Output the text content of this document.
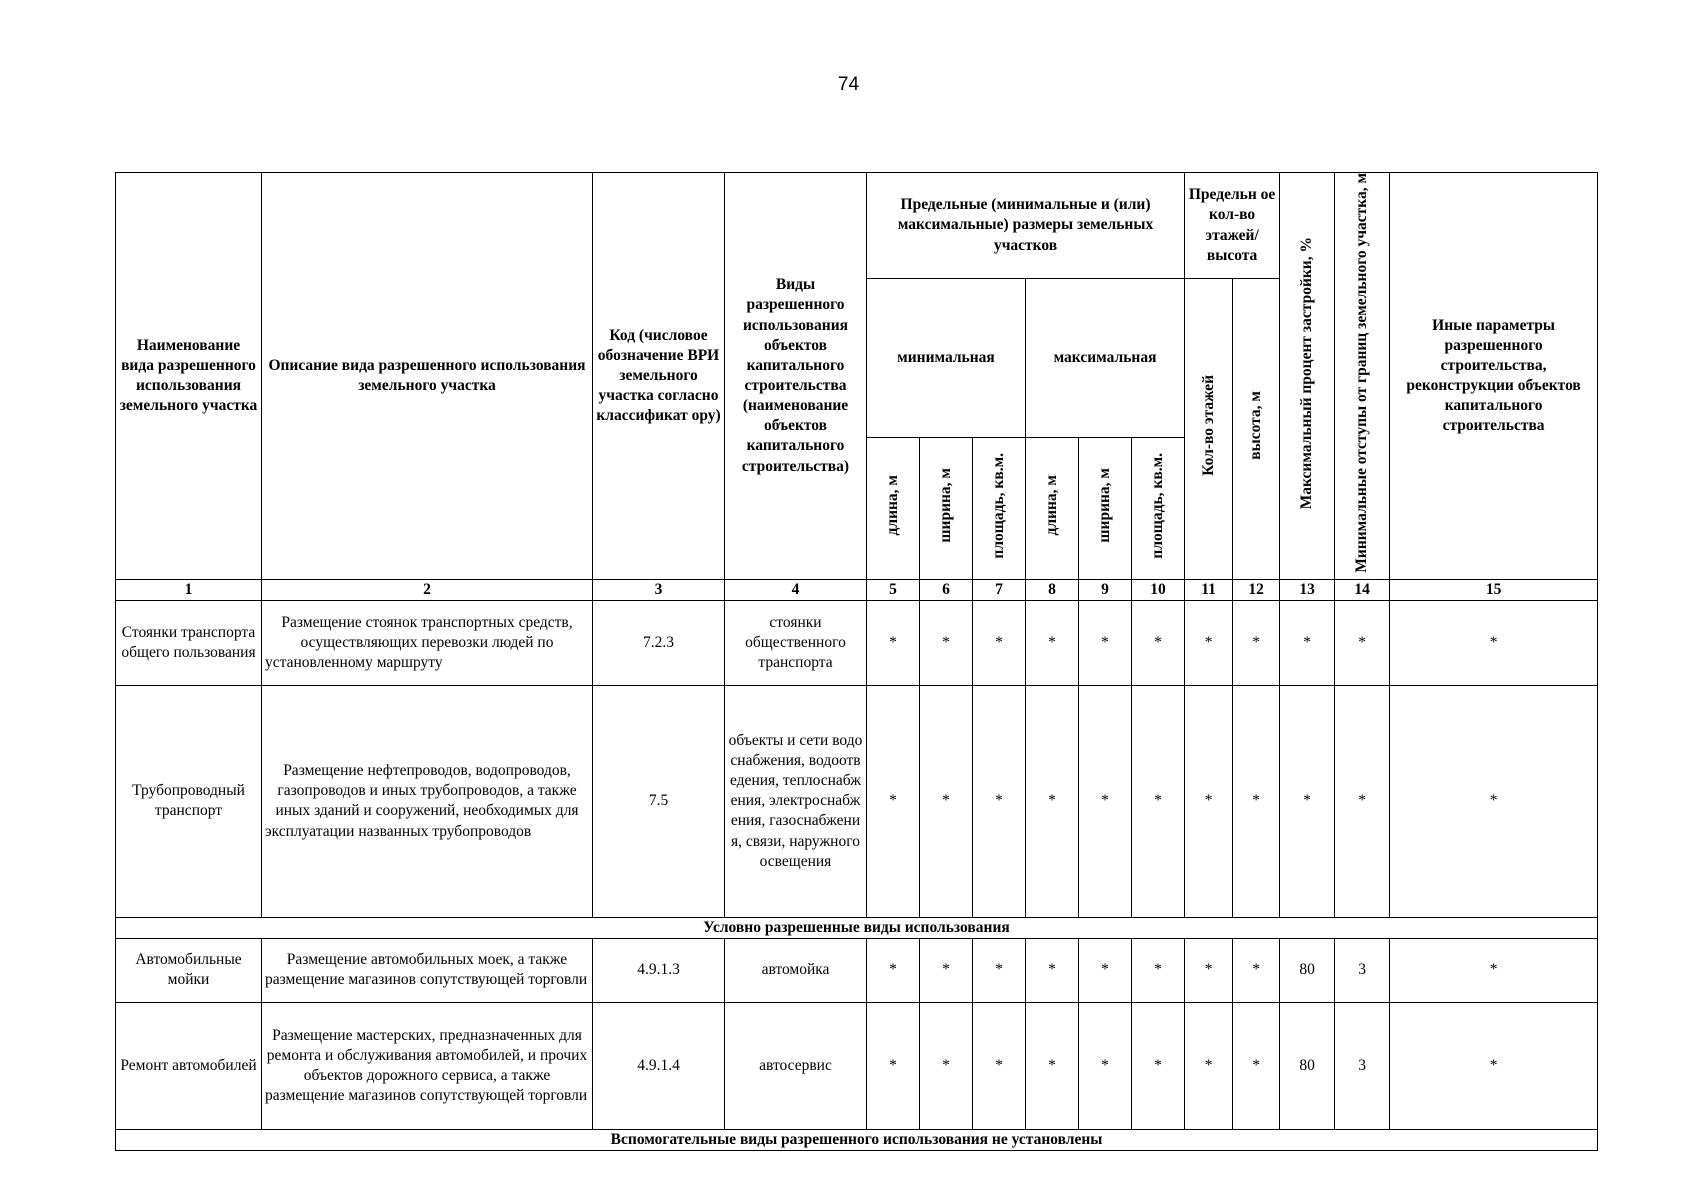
74
Наименование вида разрешенного использования земельного участка	Описание вида разрешенного использования земельного участка	Код (числовое обозначение ВРИ земельного участка согласно классификат ору)	Виды разрешенного использования объектов капитального строительства (наименование объектов капитального строительства)	Предельные (минимальные и (или) максимальные) размеры земельных участков						Предельн ое кол-во этажей/ высота		Максимальный процент застройки, %	Минимальные отступы от границ земельного участка, м	Иные параметры разрешенного строительства, реконструкции объектов капитального строительства
				минимальная			максимальная			Кол-во этажей	высота, м			
				длина, м	ширина, м	площадь, кв.м.	длина, м	ширина, м	площадь, кв.м.					
1	2	3	4	5	6	7	8	9	10	11	12	13	14	15
Стоянки транспорта общего пользования	Размещение стоянок транспортных средств, осуществляющих перевозки людей по установленному маршруту	7.2.3	стоянки общественного транспорта	*	*	*	*	*	*	*	*	*	*	*
Трубопроводный транспорт	Размещение нефтепроводов, водопроводов, газопроводов и иных трубопроводов, а также иных зданий и сооружений, необходимых для эксплуатации названных трубопроводов	7.5	объекты и сети водоснабжения, водоотведения, теплоснабжения, электроснабжения, газоснабжения, связи, наружного освещения	*	*	*	*	*	*	*	*	*	*	*
Условно разрешенные виды использования														
Автомобильные мойки	Размещение автомобильных моек, а также размещение магазинов сопутствующей торговли	4.9.1.3	автомойка	*	*	*	*	*	*	*	*	80	3	*
Ремонт автомобилей	Размещение мастерских, предназначенных для ремонта и обслуживания автомобилей, и прочих объектов дорожного сервиса, а также размещение магазинов сопутствующей торговли	4.9.1.4	автосервис	*	*	*	*	*	*	*	*	80	3	*
Вспомогательные виды разрешенного использования не установлены														
